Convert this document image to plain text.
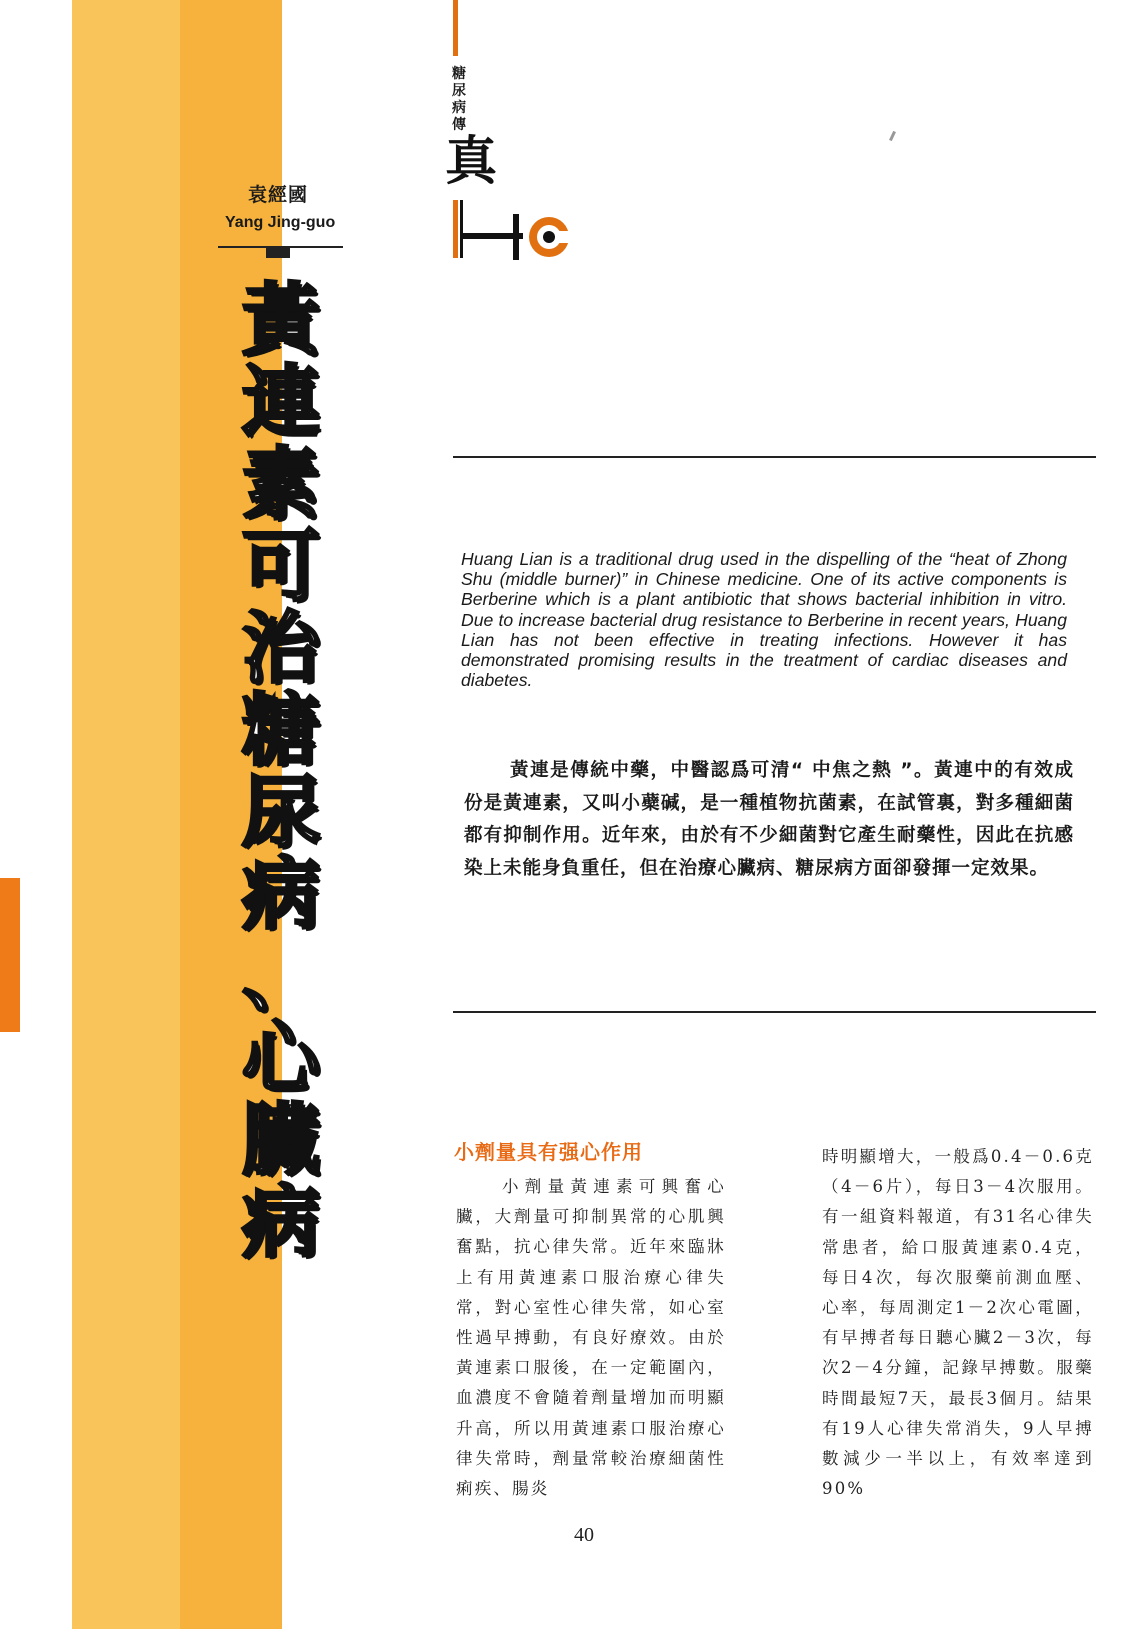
袁經國
Yang Jing-guo
黃
連
素
可
治
糖
尿
病
、
心
臟
病
糖
尿
病
傳
真
Huang Lian is a traditional drug used in the dispelling of the “heat of Zhong Shu (middle burner)” in Chinese medicine. One of its active components is Berberine which is a plant antibiotic that shows bacterial inhibition in vitro. Due to increase bacterial drug resistance to Berberine in recent years, Huang Lian has not been effective in treating infections. However it has demonstrated promising results in the treatment of cardiac diseases and diabetes.
黃連是傳統中藥，中醫認爲可清“ 中焦之熱 ”。黃連中的有效成份是黃連素，又叫小蘗碱，是一種植物抗菌素，在試管裏，對多種細菌都有抑制作用。近年來，由於有不少細菌對它產生耐藥性，因此在抗感染上未能身負重任，但在治療心臟病、糖尿病方面卻發揮一定效果。
小劑量具有强心作用
小劑量黃連素可興奮心臟，大劑量可抑制異常的心肌興奮點，抗心律失常。近年來臨牀上有用黃連素口服治療心律失常，對心室性心律失常，如心室性過早搏動，有良好療效。由於黃連素口服後，在一定範圍內，血濃度不會隨着劑量增加而明顯升高，所以用黃連素口服治療心律失常時，劑量常較治療細菌性痢疾、腸炎
時明顯增大，一般爲0.4－0.6克（4－6片），每日3－4次服用。有一組資料報道，有31名心律失常患者，給口服黃連素0.4克，每日4次，每次服藥前測血壓、心率，每周測定1－2次心電圖，有早搏者每日聽心臟2－3次，每次2－4分鐘，記錄早搏數。服藥時間最短7天，最長3個月。結果有19人心律失常消失，9人早搏數減少一半以上，有效率達到90%
40
